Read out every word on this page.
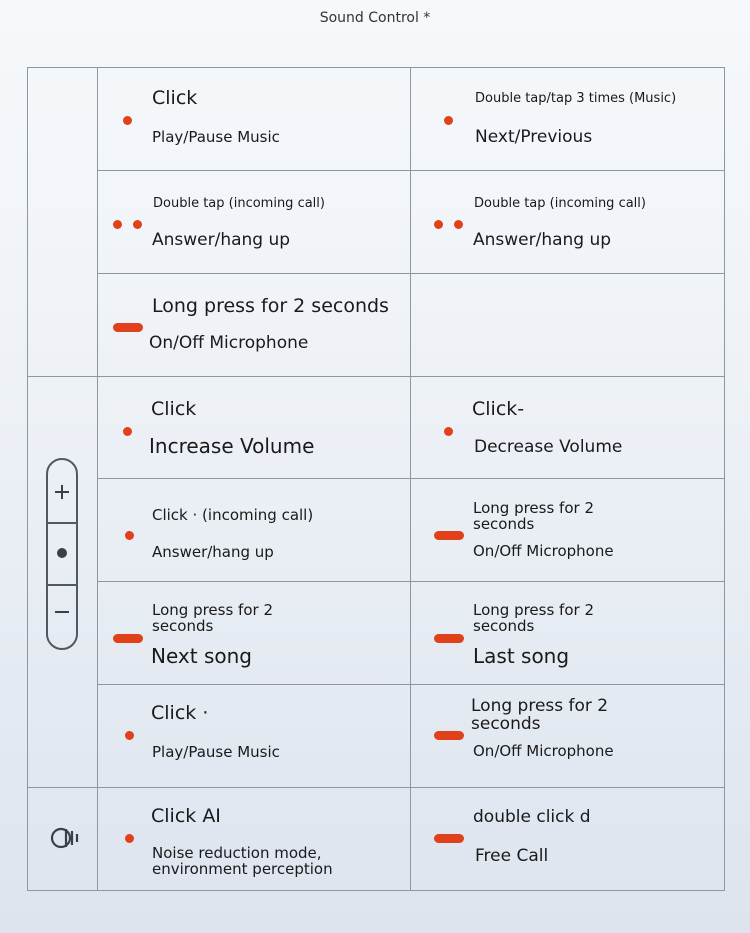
Sound Control *
Click
Play/Pause Music
Double tap/tap 3 times (Music)
Next/Previous
Double tap (incoming call)
Answer/hang up
Double tap (incoming call)
Answer/hang up
Long press for 2 seconds
On/Off Microphone
Click
Increase Volume
Click-
Decrease Volume
Click · (incoming call)
Answer/hang up
Long press for 2
seconds
On/Off Microphone
Long press for 2
seconds
Next song
Long press for 2
seconds
Last song
Click ·
Play/Pause Music
Long press for 2
seconds
On/Off Microphone
Click AI
Noise reduction mode,
environment perception
double click d
Free Call
